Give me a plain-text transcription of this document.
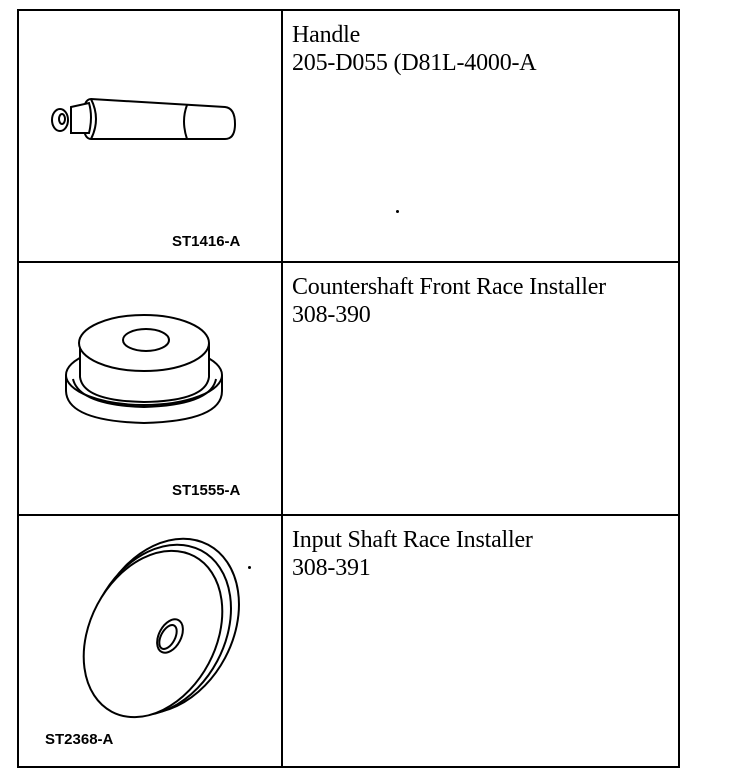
ST1416-A	Handle
205-D055 (D81L-4000-A

ST1555-A	Countershaft Front Race Installer
308-390

ST2368-A	Input Shaft Race Installer
308-391
